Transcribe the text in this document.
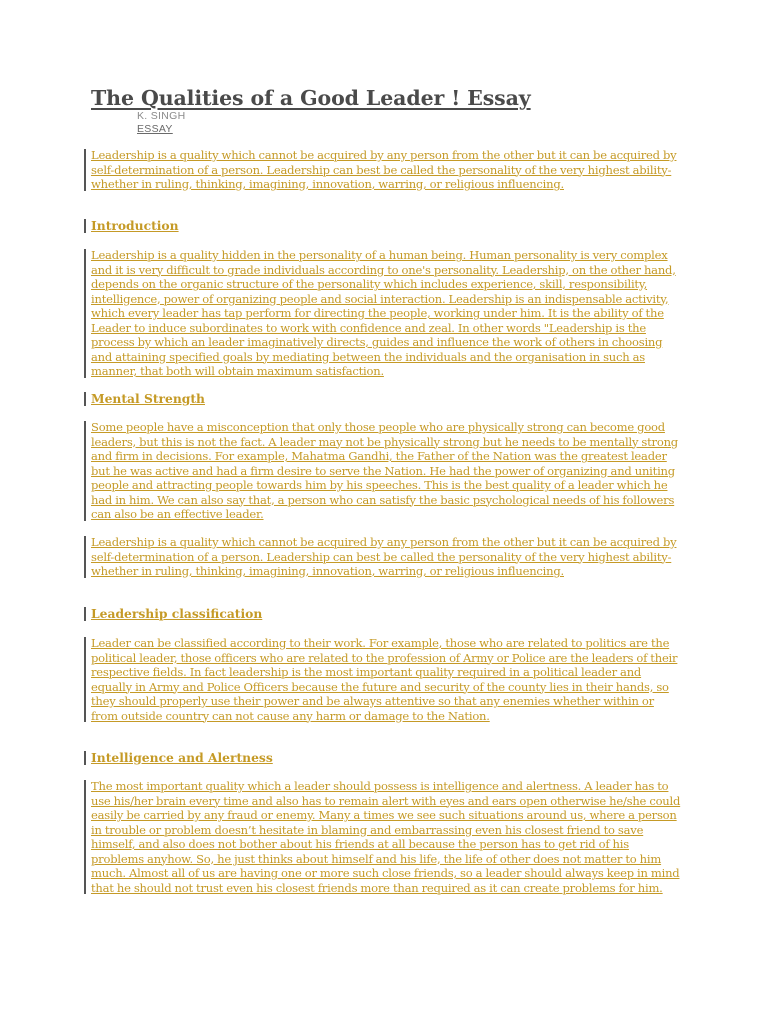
The Qualities of a Good Leader ! Essay

K. SINGH

ESSAY

Leadership is a quality which cannot be acquired by any person from the other but it can be acquired by self-determination of a person. Leadership can best be called the personality of the very highest ability-whether in ruling, thinking, imagining, innovation, warring, or religious influencing.

Introduction

Leadership is a quality hidden in the personality of a human being. Human personality is very complex and it is very difficult to grade individuals according to one's personality. Leadership, on the other hand, depends on the organic structure of the personality which includes experience, skill, responsibility, intelligence, power of organizing people and social interaction. Leadership is an indispensable activity, which every leader has tap perform for directing the people, working under him. It is the ability of the Leader to induce subordinates to work with confidence and zeal. In other words "Leadership is the process by which an leader imaginatively directs, guides and influence the work of others in choosing and attaining specified goals by mediating between the individuals and the organisation in such as manner, that both will obtain maximum satisfaction.

Mental Strength

Some people have a misconception that only those people who are physically strong can become good leaders, but this is not the fact. A leader may not be physically strong but he needs to be mentally strong and firm in decisions. For example, Mahatma Gandhi, the Father of the Nation was the greatest leader but he was active and had a firm desire to serve the Nation. He had the power of organizing and uniting people and attracting people towards him by his speeches. This is the best quality of a leader which he had in him. We can also say that, a person who can satisfy the basic psychological needs of his followers can also be an effective leader.

Leadership is a quality which cannot be acquired by any person from the other but it can be acquired by self-determination of a person. Leadership can best be called the personality of the very highest ability-whether in ruling, thinking, imagining, innovation, warring, or religious influencing.

Leadership classification

Leader can be classified according to their work. For example, those who are related to politics are the political leader, those officers who are related to the profession of Army or Police are the leaders of their respective fields. In fact leadership is the most important quality required in a political leader and equally in Army and Police Officers because the future and security of the county lies in their hands, so they should properly use their power and be always attentive so that any enemies whether within or from outside country can not cause any harm or damage to the Nation.

Intelligence and Alertness

The most important quality which a leader should possess is intelligence and alertness. A leader has to use his/her brain every time and also has to remain alert with eyes and ears open otherwise he/she could easily be carried by any fraud or enemy. Many a times we see such situations around us, where a person in trouble or problem doesn’t hesitate in blaming and embarrassing even his closest friend to save himself, and also does not bother about his friends at all because the person has to get rid of his problems anyhow. So, he just thinks about himself and his life, the life of other does not matter to him much. Almost all of us are having one or more such close friends, so a leader should always keep in mind that he should not trust even his closest friends more than required as it can create problems for him.
